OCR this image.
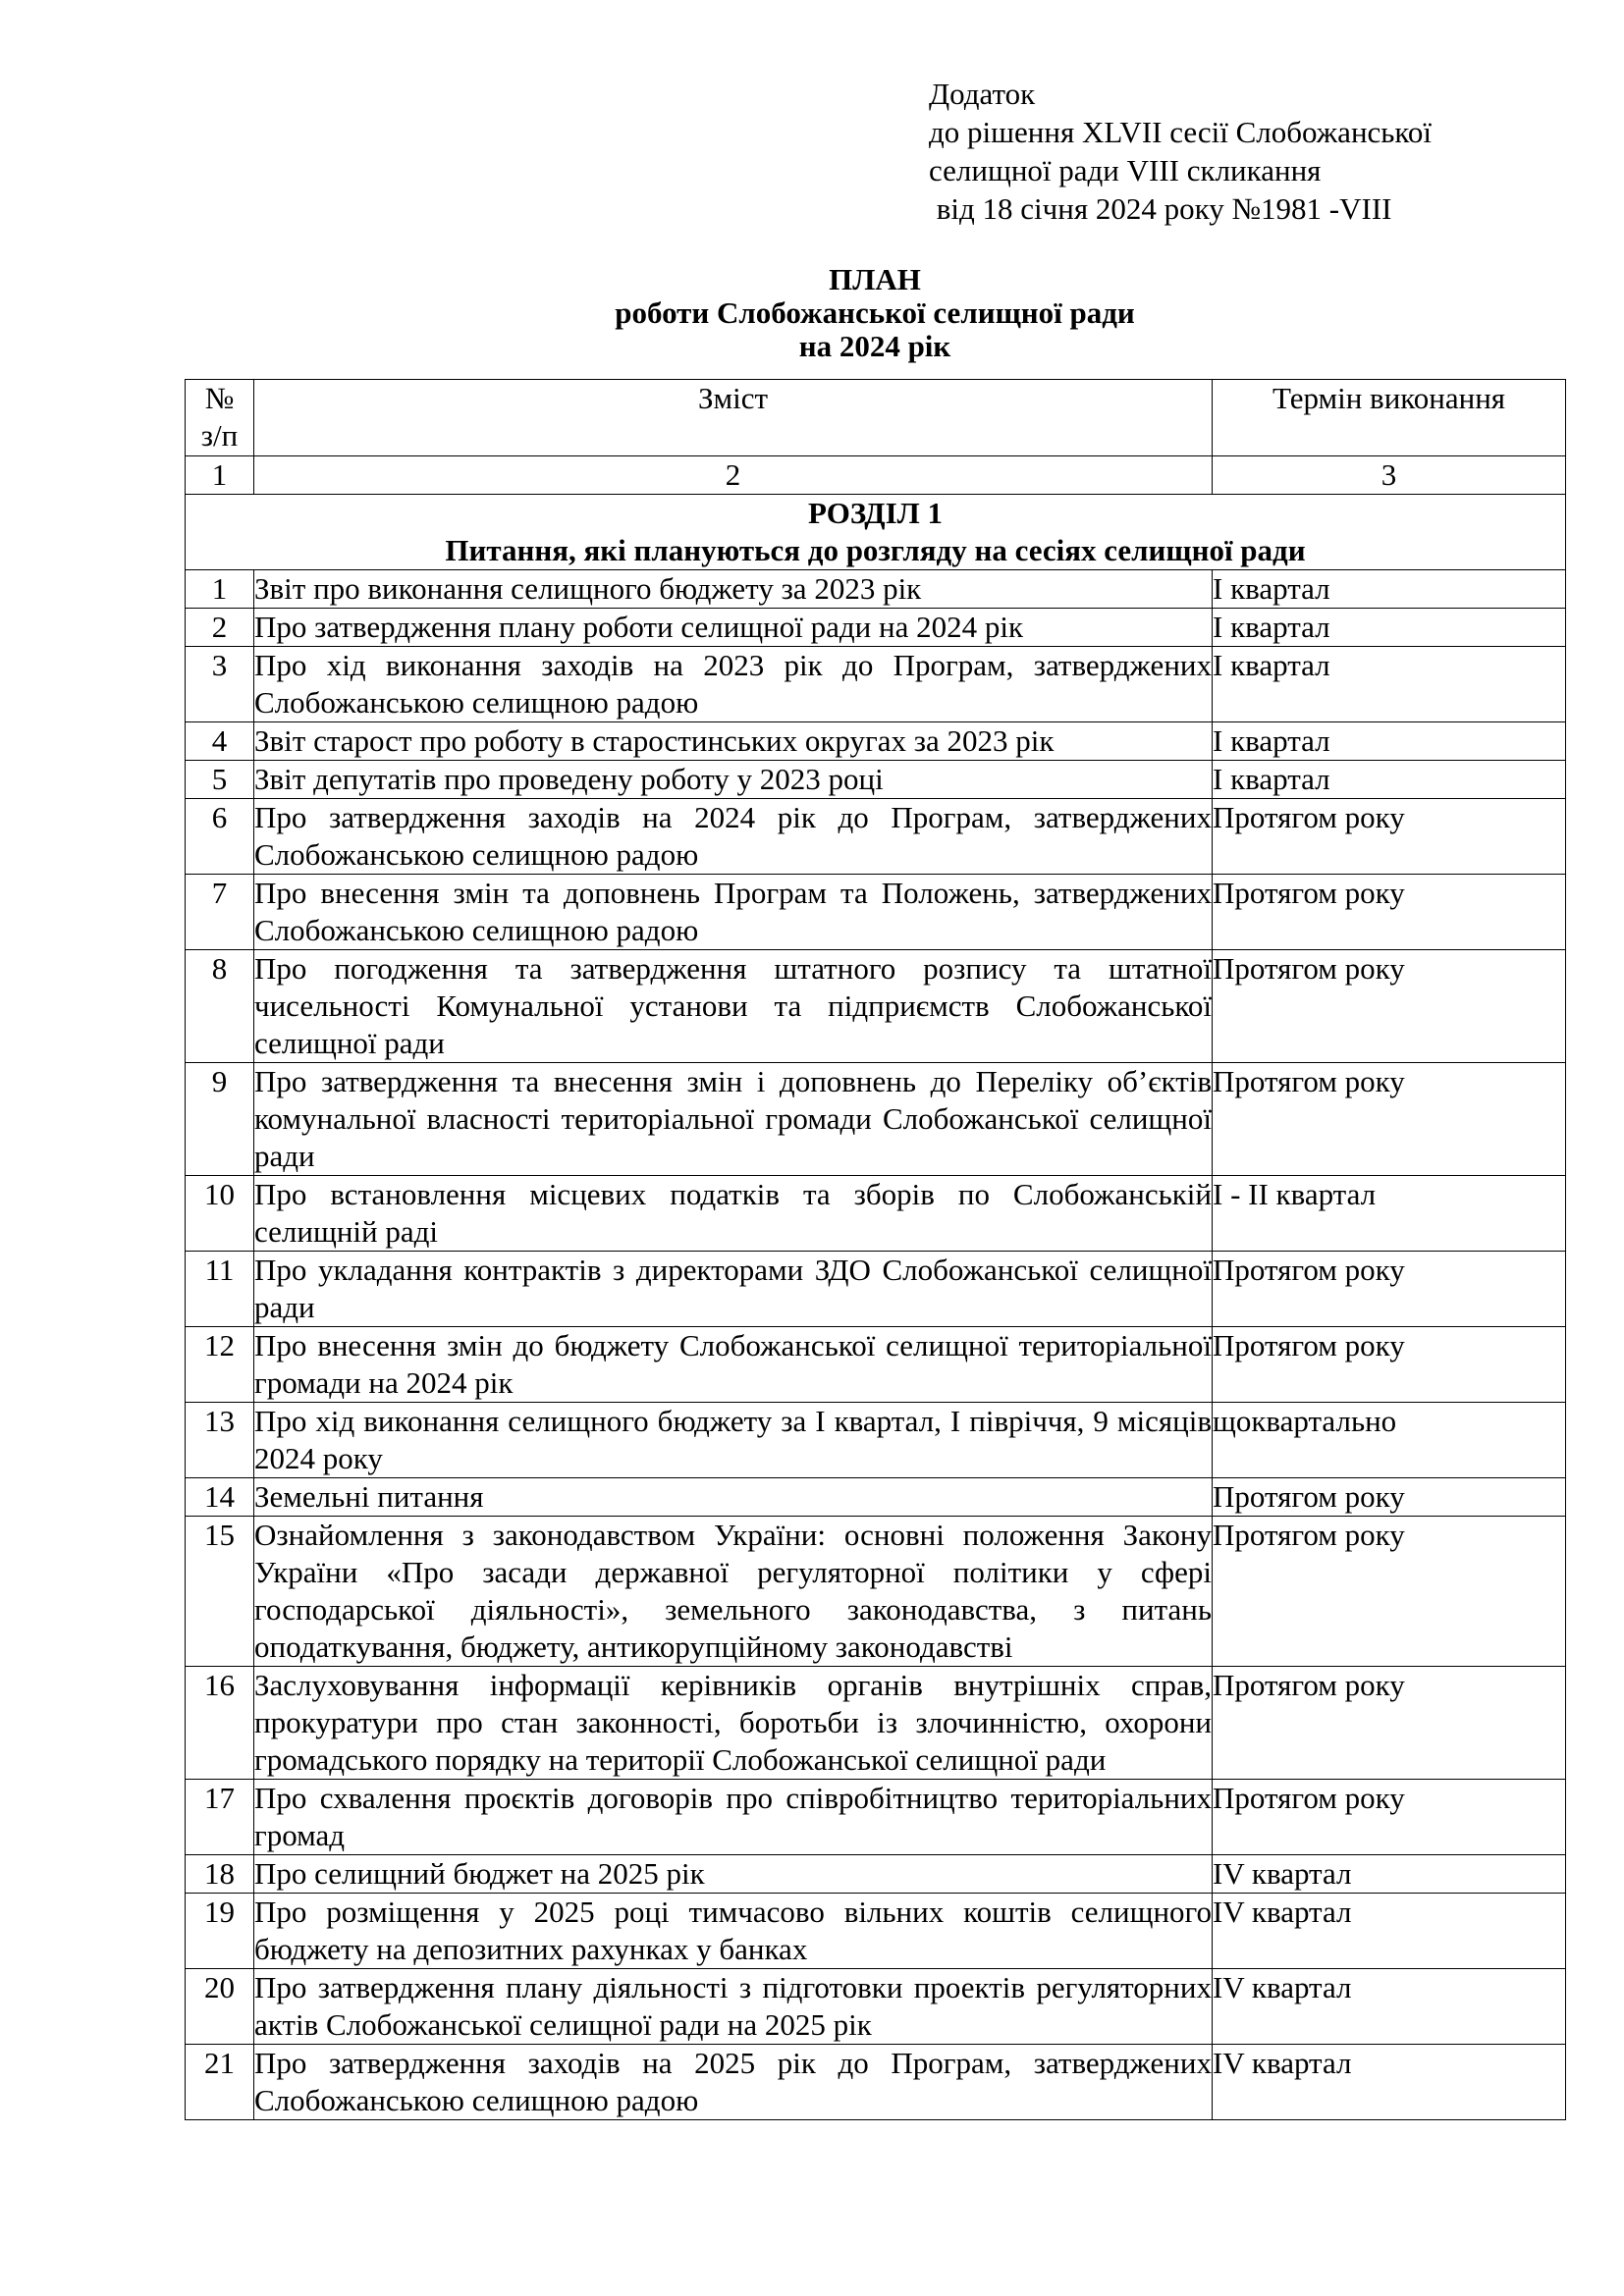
Додаток
до рішення XLVII сесії Слобожанської
селищної ради VIII скликання
від 18 січня 2024 року №1981 -VIII
ПЛАН
роботи Слобожанської селищної ради
на 2024 рік
№
з/п	Зміст	Термін виконання
1	2	3

РОЗДІЛ 1
Питання, які плануються до розгляду на сесіях селищної ради		

1	Звіт про виконання селищного бюджету за 2023 рік	І квартал
2	Про затвердження плану роботи селищної ради на 2024 рік	І квартал
3	Про хід виконання заходів на 2023 рік до Програм, затверджених Слобожанською селищною радою	І квартал
4	Звіт старост про роботу в старостинських округах за 2023 рік	І квартал
5	Звіт депутатів про проведену роботу у 2023 році	І квартал
6	Про затвердження заходів на 2024 рік до Програм, затверджених Слобожанською селищною радою	Протягом року
7	Про внесення змін та доповнень Програм та Положень, затверджених Слобожанською селищною радою	Протягом року
8	Про погодження та затвердження штатного розпису та штатної чисельності Комунальної установи та підприємств Слобожанської селищної ради	Протягом року
9	Про затвердження та внесення змін і доповнень до Переліку об’єктів комунальної власності територіальної громади Слобожанської селищної ради	Протягом року
10	Про встановлення місцевих податків та зборів по Слобожанській селищній раді	І - ІІ квартал
11	Про укладання контрактів з директорами ЗДО Слобожанської селищної ради	Протягом року
12	Про внесення змін до бюджету Слобожанської селищної територіальної громади на 2024 рік	Протягом року
13	Про хід виконання селищного бюджету за І квартал, І півріччя, 9 місяців 2024 року	щоквартально
14	Земельні питання	Протягом року
15	Ознайомлення з законодавством України: основні положення Закону України «Про засади державної регуляторної політики у сфері господарської діяльності», земельного законодавства, з питань оподаткування, бюджету, антикорупційному законодавстві	Протягом року
16	Заслуховування інформації керівників органів внутрішніх справ, прокуратури про стан законності, боротьби із злочинністю, охорони громадського порядку на території Слобожанської селищної ради	Протягом року
17	Про схвалення проєктів договорів про співробітництво територіальних громад	Протягом року
18	Про селищний бюджет на 2025 рік	ІV квартал
19	Про розміщення у 2025 році тимчасово вільних коштів селищного бюджету на депозитних рахунках у банках	ІV квартал
20	Про затвердження плану діяльності з підготовки проектів регуляторних актів Слобожанської селищної ради на 2025 рік	ІV квартал
21	Про затвердження заходів на 2025 рік до Програм, затверджених Слобожанською селищною радою	ІV квартал
